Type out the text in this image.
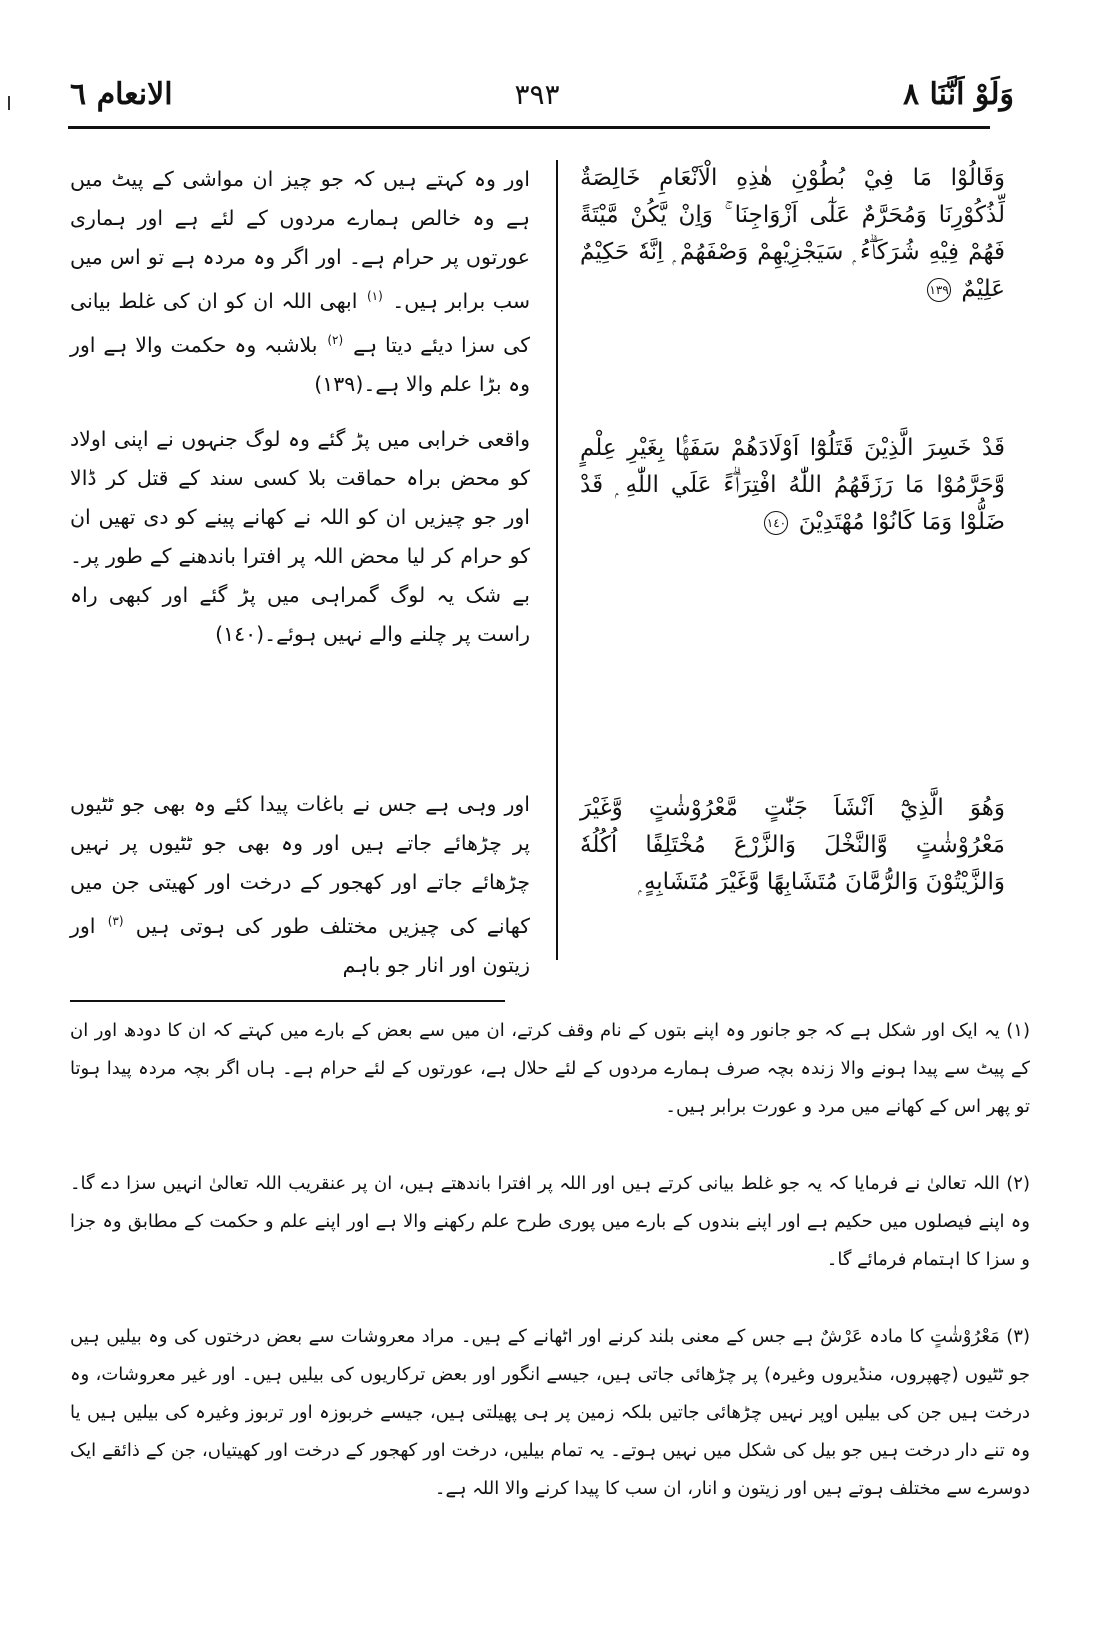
وَلَوْ اَنَّنَا ٨
٣٩٣
الانعام ٦
وَقَالُوْا مَا فِيْ بُطُوْنِ هٰذِهِ الْاَنْعَامِ خَالِصَةٌ لِّذُكُوْرِنَا وَمُحَرَّمٌ عَلٰٓى اَزْوَاجِنَا ۚ وَاِنْ يَّكُنْ مَّيْتَةً فَهُمْ فِيْهِ شُرَكَاۗءُ ۭ سَيَجْزِيْهِمْ وَصْفَهُمْ ۭ اِنَّهٗ حَكِيْمٌ عَلِيْمٌ ١٣٩
قَدْ خَسِرَ الَّذِيْنَ قَتَلُوْٓا اَوْلَادَهُمْ سَفَهًۢا بِغَيْرِ عِلْمٍ وَّحَرَّمُوْا مَا رَزَقَهُمُ اللّٰهُ افْتِرَاۗءً عَلَي اللّٰهِ ۭ قَدْ ضَلُّوْا وَمَا كَانُوْا مُهْتَدِيْنَ ١٤٠
وَهُوَ الَّذِيْٓ اَنْشَاَ جَنّٰتٍ مَّعْرُوْشٰتٍ وَّغَيْرَ مَعْرُوْشٰتٍ وَّالنَّخْلَ وَالزَّرْعَ مُخْتَلِفًا اُكُلُهٗ وَالزَّيْتُوْنَ وَالرُّمَّانَ مُتَشَابِهًا وَّغَيْرَ مُتَشَابِهٍ ۭ
اور وہ کہتے ہیں کہ جو چیز ان مواشی کے پیٹ میں ہے وہ خالص ہمارے مردوں کے لئے ہے اور ہماری عورتوں پر حرام ہے۔ اور اگر وہ مردہ ہے تو اس میں سب برابر ہیں۔ $^{(١)}$ ابھی اللہ ان کو ان کی غلط بیانی کی سزا دیئے دیتا ہے $^{(٢)}$ بلاشبہ وہ حکمت والا ہے اور وہ بڑا علم والا ہے۔(١٣٩)
واقعی خرابی میں پڑ گئے وہ لوگ جنہوں نے اپنی اولاد کو محض براہ حماقت بلا کسی سند کے قتل کر ڈالا اور جو چیزیں ان کو اللہ نے کھانے پینے کو دی تھیں ان کو حرام کر لیا محض اللہ پر افترا باندھنے کے طور پر۔ بے شک یہ لوگ گمراہی میں پڑ گئے اور کبھی راہ راست پر چلنے والے نہیں ہوئے۔(١٤٠)
اور وہی ہے جس نے باغات پیدا کئے وہ بھی جو ٹٹیوں پر چڑھائے جاتے ہیں اور وہ بھی جو ٹٹیوں پر نہیں چڑھائے جاتے اور کھجور کے درخت اور کھیتی جن میں کھانے کی چیزیں مختلف طور کی ہوتی ہیں $^{(٣)}$ اور زیتون اور انار جو باہم
(١) یہ ایک اور شکل ہے کہ جو جانور وہ اپنے بتوں کے نام وقف کرتے، ان میں سے بعض کے بارے میں کہتے کہ ان کا دودھ اور ان کے پیٹ سے پیدا ہونے والا زندہ بچہ صرف ہمارے مردوں کے لئے حلال ہے، عورتوں کے لئے حرام ہے۔ ہاں اگر بچہ مردہ پیدا ہوتا تو پھر اس کے کھانے میں مرد و عورت برابر ہیں۔
(٢) اللہ تعالیٰ نے فرمایا کہ یہ جو غلط بیانی کرتے ہیں اور اللہ پر افترا باندھتے ہیں، ان پر عنقریب اللہ تعالیٰ انہیں سزا دے گا۔ وہ اپنے فیصلوں میں حکیم ہے اور اپنے بندوں کے بارے میں پوری طرح علم رکھنے والا ہے اور اپنے علم و حکمت کے مطابق وہ جزا و سزا کا اہتمام فرمائے گا۔
(٣) مَعْرُوْشٰتٍ کا مادہ عَرْشٌ ہے جس کے معنی بلند کرنے اور اٹھانے کے ہیں۔ مراد معروشات سے بعض درختوں کی وہ بیلیں ہیں جو ٹٹیوں (چھپروں، منڈیروں وغیرہ) پر چڑھائی جاتی ہیں، جیسے انگور اور بعض ترکاریوں کی بیلیں ہیں۔ اور غیر معروشات، وہ درخت ہیں جن کی بیلیں اوپر نہیں چڑھائی جاتیں بلکہ زمین پر ہی پھیلتی ہیں، جیسے خربوزہ اور تربوز وغیرہ کی بیلیں ہیں یا وہ تنے دار درخت ہیں جو بیل کی شکل میں نہیں ہوتے۔ یہ تمام بیلیں، درخت اور کھجور کے درخت اور کھیتیاں، جن کے ذائقے ایک دوسرے سے مختلف ہوتے ہیں اور زیتون و انار، ان سب کا پیدا کرنے والا اللہ ہے۔
